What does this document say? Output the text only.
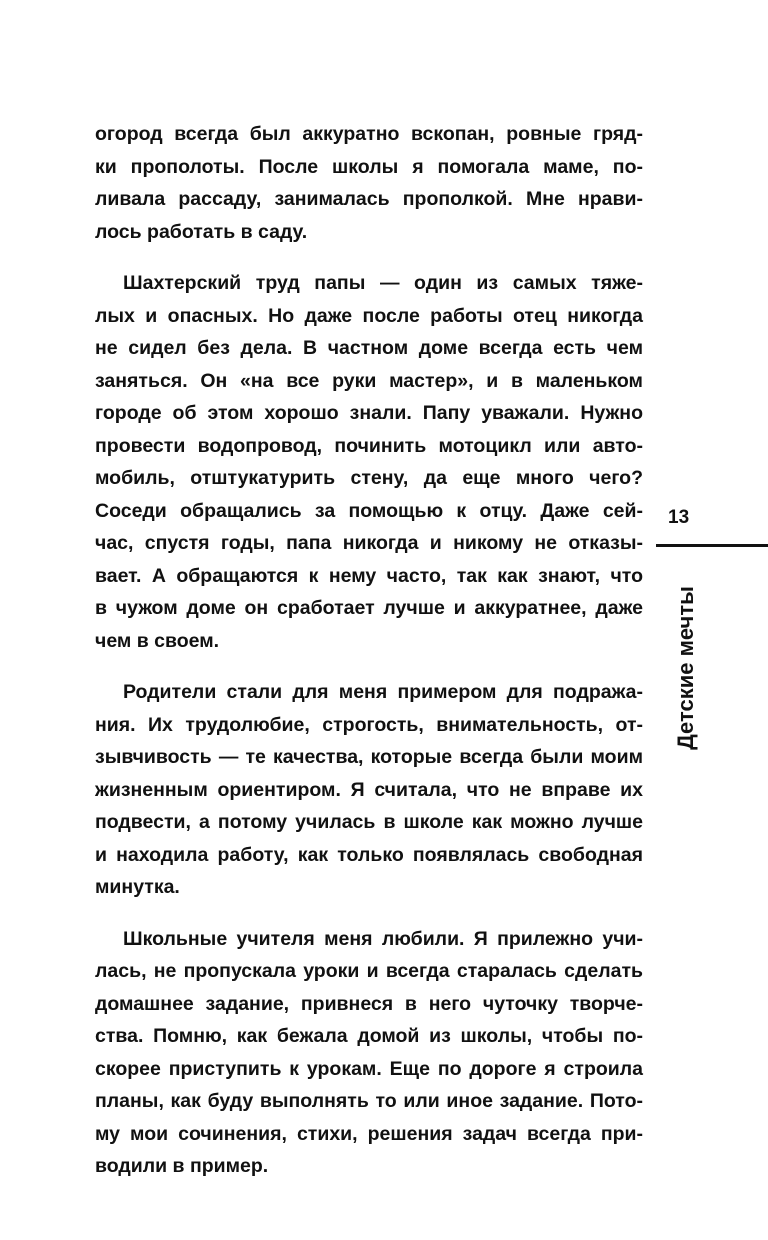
огород всегда был аккуратно вскопан, ровные гряд-
ки прополоты. После школы я помогала маме, по-
ливала рассаду, занималась прополкой. Мне нрави-
лось работать в саду.

Шахтерский труд папы — один из самых тяже-
лых и опасных. Но даже после работы отец никогда
не сидел без дела. В частном доме всегда есть чем
заняться. Он «на все руки мастер», и в маленьком
городе об этом хорошо знали. Папу уважали. Нужно
провести водопровод, починить мотоцикл или авто-
мобиль, отштукатурить стену, да еще много чего?
Соседи обращались за помощью к отцу. Даже сей-
час, спустя годы, папа никогда и никому не отказы-
вает. А обращаются к нему часто, так как знают, что
в чужом доме он сработает лучше и аккуратнее, даже
чем в своем.

Родители стали для меня примером для подража-
ния. Их трудолюбие, строгость, внимательность, от-
зывчивость — те качества, которые всегда были моим
жизненным ориентиром. Я считала, что не вправе их
подвести, а потому училась в школе как можно лучше
и находила работу, как только появлялась свободная
минутка.

Школьные учителя меня любили. Я прилежно учи-
лась, не пропускала уроки и всегда старалась сделать
домашнее задание, привнеся в него чуточку творче-
ства. Помню, как бежала домой из школы, чтобы по-
скорее приступить к урокам. Еще по дороге я строила
планы, как буду выполнять то или иное задание. Пото-
му мои сочинения, стихи, решения задач всегда при-
водили в пример.

13
Детские мечты
